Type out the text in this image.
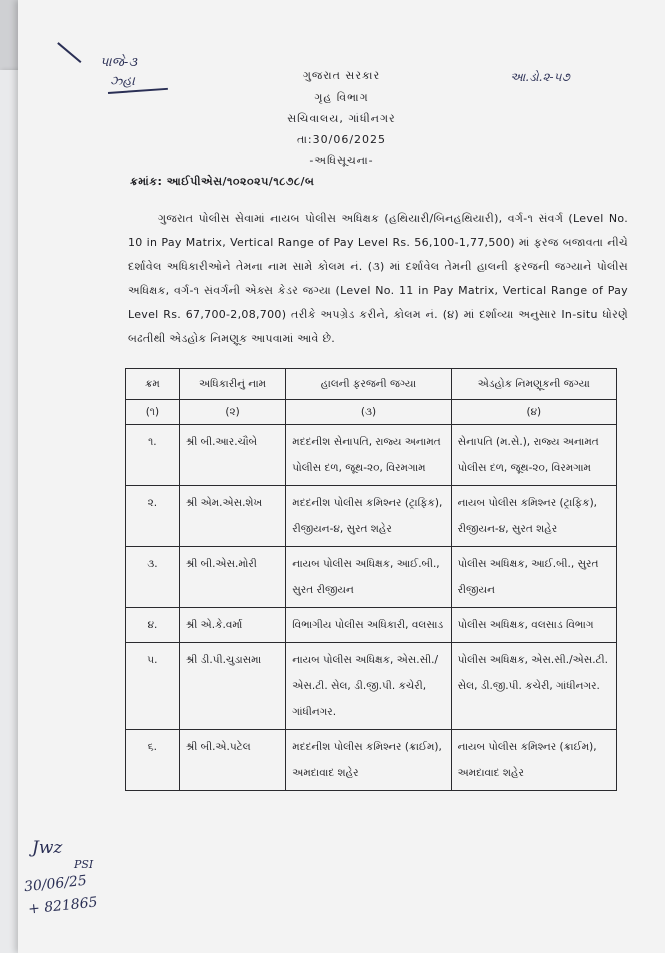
પાજે-૩
ઝ્હા	આ.ડો.૨-૫૭
ગુજરાત સરકાર
ગૃહ વિભાગ
સચિવાલય, ગાંધીનગર
તા:30/06/2025
-અધિસૂચના-
ક્રમાંક: આઈપીએસ/૧૦૨૦૨૫/૧૮૭૮/બ
ગુજરાત પોલીસ સેવામાં નાયબ પોલીસ અધિક્ષક (હથિયારી/બિનહથિયારી), વર્ગ-૧ સંવર્ગ (Level No. 10 in Pay Matrix, Vertical Range of Pay Level Rs. 56,100-1,77,500) માં ફરજ બજાવતા નીચે દર્શાવેલ અધિકારીઓને તેમના નામ સામે કોલમ નં. (૩) માં દર્શાવેલ તેમની હાલની ફરજની જગ્યાને પોલીસ અધિક્ષક, વર્ગ-૧ સંવર્ગની એક્સ કેડર જગ્યા (Level No. 11 in Pay Matrix, Vertical Range of Pay Level Rs. 67,700-2,08,700) તરીકે અપગ્રેડ કરીને, કોલમ નં. (૪) માં દર્શાવ્યા અનુસાર In-situ ધોરણે બઢતીથી એડહોક નિમણૂક આપવામાં આવે છે.
ક્રમ	અધિકારીનું નામ	હાલની ફરજની જગ્યા	એડહોક નિમણૂકની જગ્યા
(૧)	(૨)	(૩)	(૪)
૧.	શ્રી બી.આર.ચૌબે	મદદનીશ સેનાપતિ, રાજ્ય અનામત પોલીસ દળ, જૂથ-૨૦, વિરમગામ	સેનાપતિ (મ.સે.), રાજ્ય અનામત પોલીસ દળ, જૂથ-૨૦, વિરમગામ
૨.	શ્રી એમ.એસ.શેખ	મદદનીશ પોલીસ કમિશ્નર (ટ્રાફિક), રીજીયન-૪, સુરત શહેર	નાયબ પોલીસ કમિશ્નર (ટ્રાફિક), રીજીયન-૪, સુરત શહેર
૩.	શ્રી બી.એસ.મોરી	નાયબ પોલીસ અધિક્ષક, આઈ.બી., સુરત રીજીયન	પોલીસ અધિક્ષક, આઈ.બી., સુરત રીજીયન
૪.	શ્રી એ.કે.વર્મા	વિભાગીય પોલીસ અધિકારી, વલસાડ	પોલીસ અધિક્ષક, વલસાડ વિભાગ
૫.	શ્રી ડી.પી.ચુડાસમા	નાયબ પોલીસ અધિક્ષક, એસ.સી./એસ.ટી. સેલ, ડી.જી.પી. કચેરી, ગાંધીનગર.	પોલીસ અધિક્ષક, એસ.સી./એસ.ટી. સેલ, ડી.જી.પી. કચેરી, ગાંધીનગર.
૬.	શ્રી બી.એ.પટેલ	મદદનીશ પોલીસ કમિશ્નર (ક્રાઈમ), અમદાવાદ શહેર	નાયબ પોલીસ કમિશ્નર (ક્રાઈમ), અમદાવાદ શહેર
Jwz
PSI
30/06/25
+ 821865
